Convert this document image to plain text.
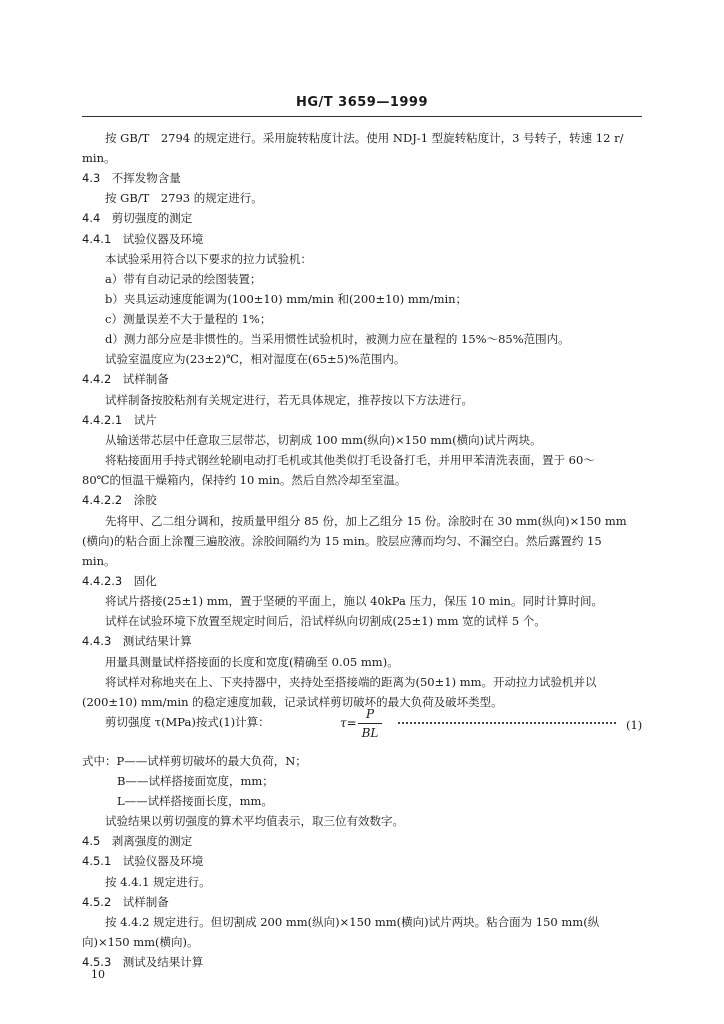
HG/T 3659—1999
按 GB/T　2794 的规定进行。采用旋转粘度计法。使用 NDJ-1 型旋转粘度计，3 号转子，转速 12 r/
min。
4.3　不挥发物含量
按 GB/T　2793 的规定进行。
4.4　剪切强度的测定
4.4.1　试验仪器及环境
本试验采用符合以下要求的拉力试验机：
a）带有自动记录的绘图装置；
b）夹具运动速度能调为(100±10) mm/min 和(200±10) mm/min；
c）测量误差不大于量程的 1%；
d）测力部分应是非惯性的。当采用惯性试验机时，被测力应在量程的 15%～85%范围内。
试验室温度应为(23±2)℃，相对湿度在(65±5)%范围内。
4.4.2　试样制备
试样制备按胶粘剂有关规定进行，若无具体规定，推荐按以下方法进行。
4.4.2.1　试片
从输送带芯层中任意取三层带芯，切割成 100 mm(纵向)×150 mm(横向)试片两块。
将粘接面用手持式钢丝轮刷电动打毛机或其他类似打毛设备打毛，并用甲苯清洗表面，置于 60～
80℃的恒温干燥箱内，保持约 10 min。然后自然冷却至室温。
4.4.2.2　涂胶
先将甲、乙二组分调和，按质量甲组分 85 份，加上乙组分 15 份。涂胶时在 30 mm(纵向)×150 mm
(横向)的粘合面上涂覆三遍胶液。涂胶间隔约为 15 min。胶层应薄而均匀、不漏空白。然后露置约 15
min。
4.4.2.3　固化
将试片搭接(25±1) mm，置于坚硬的平面上，施以 40kPa 压力，保压 10 min。同时计算时间。
试样在试验环境下放置至规定时间后，沿试样纵向切割成(25±1) mm 宽的试样 5 个。
4.4.3　测试结果计算
用量具测量试样搭接面的长度和宽度(精确至 0.05 mm)。
将试样对称地夹在上、下夹持器中，夹持处至搭接端的距离为(50±1) mm。开动拉力试验机并以
(200±10) mm/min 的稳定速度加载，记录试样剪切破坏的最大负荷及破坏类型。
剪切强度 τ(MPa)按式(1)计算：	τ=
P
BL
(1)
式中：P——试样剪切破坏的最大负荷，N；
B——试样搭接面宽度，mm；
L——试样搭接面长度，mm。
试验结果以剪切强度的算术平均值表示，取三位有效数字。
4.5　剥离强度的测定
4.5.1　试验仪器及环境
按 4.4.1 规定进行。
4.5.2　试样制备
按 4.4.2 规定进行。但切割成 200 mm(纵向)×150 mm(横向)试片两块。粘合面为 150 mm(纵
向)×150 mm(横向)。
4.5.3　测试及结果计算
10
